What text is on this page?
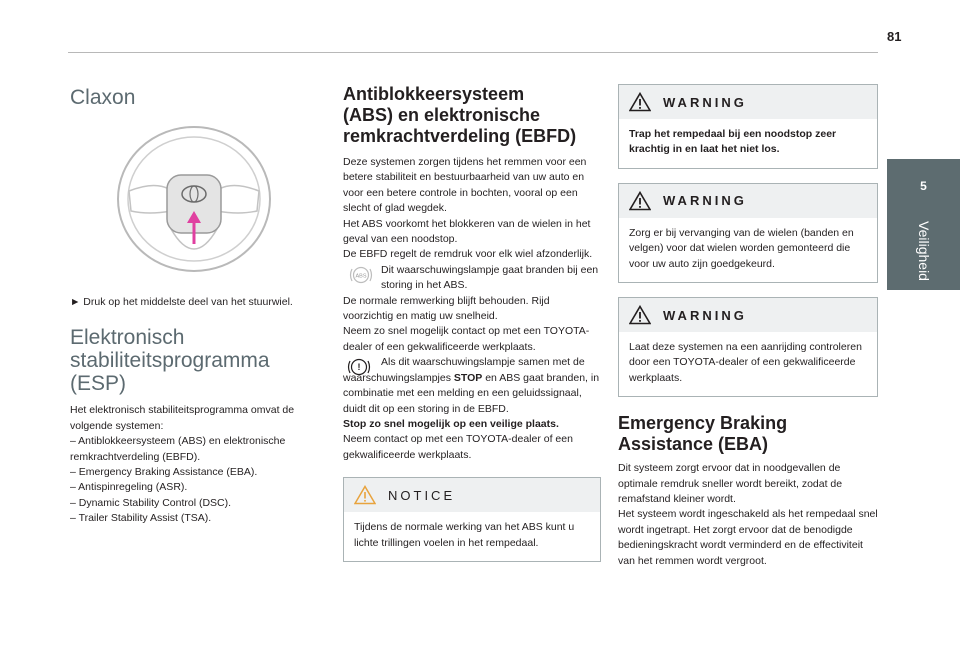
81
5
Veiligheid
Claxon

► Druk op het middelste deel van het stuurwiel.

Elektronisch
stabiliteitsprogramma
(ESP)

Het elektronisch stabiliteitsprogramma omvat de volgende systemen:

– Antiblokkeersysteem (ABS) en elektronische remkrachtverdeling (EBFD).

– Emergency Braking Assistance (EBA).

– Antispinregeling (ASR).

– Dynamic Stability Control (DSC).

– Trailer Stability Assist (TSA).

Antiblokkeersysteem
(ABS) en elektronische
remkrachtverdeling (EBFD)

Deze systemen zorgen tijdens het remmen voor een betere stabiliteit en bestuurbaarheid van uw auto en voor een betere controle in bochten, vooral op een slecht of glad wegdek.

Het ABS voorkomt het blokkeren van de wielen in het geval van een noodstop.

De EBFD regelt de remdruk voor elk wiel afzonderlijk.

ABS

Dit waarschuwingslampje gaat branden bij een storing in het ABS.

De normale remwerking blijft behouden. Rijd voorzichtig en matig uw snelheid.

Neem zo snel mogelijk contact op met een TOYOTA-dealer of een gekwalificeerde werkplaats.

!	Als dit waarschuwingslampje samen met de waarschuwingslampjes STOP en ABS gaat branden, in combinatie met een melding en een geluidssignaal, duidt dit op een storing in de EBFD.

Stop zo snel mogelijk op een veilige plaats.

Neem contact op met een TOYOTA-dealer of een gekwalificeerde werkplaats.

NOTICE

Tijdens de normale werking van het ABS kunt u lichte trillingen voelen in het rempedaal.

WARNING

Trap het rempedaal bij een noodstop zeer krachtig in en laat het niet los.

WARNING

Zorg er bij vervanging van de wielen (banden en velgen) voor dat wielen worden gemonteerd die voor uw auto zijn goedgekeurd.

WARNING

Laat deze systemen na een aanrijding controleren door een TOYOTA-dealer of een gekwalificeerde werkplaats.

Emergency Braking
Assistance (EBA)

Dit systeem zorgt ervoor dat in noodgevallen de optimale remdruk sneller wordt bereikt, zodat de remafstand kleiner wordt.

Het systeem wordt ingeschakeld als het rempedaal snel wordt ingetrapt. Het zorgt ervoor dat de benodigde bedieningskracht wordt verminderd en de effectiviteit van het remmen wordt vergroot.
